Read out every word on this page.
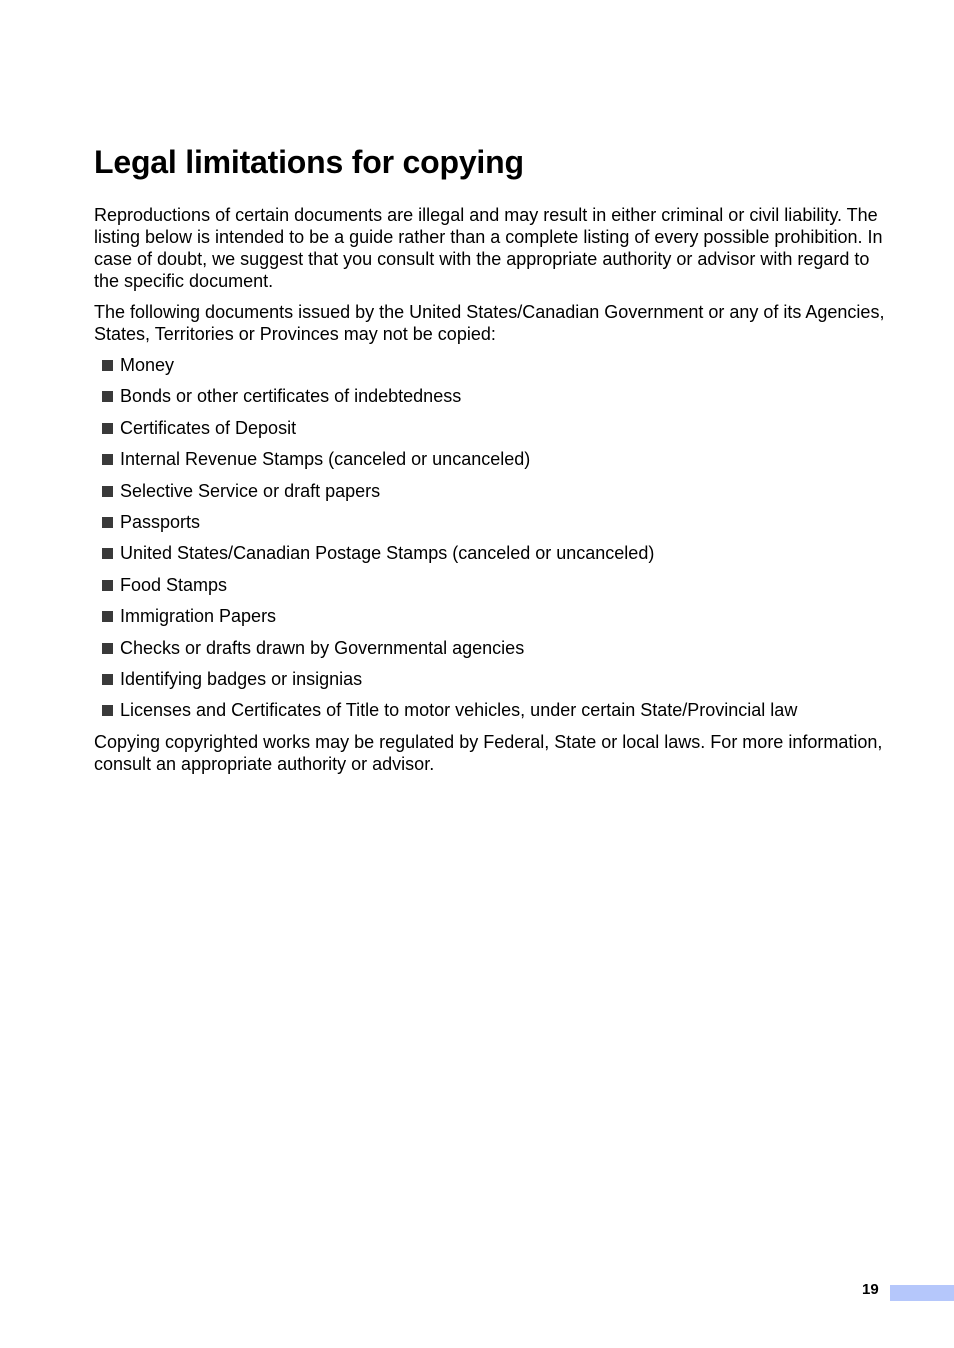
Legal limitations for copying

Reproductions of certain documents are illegal and may result in either criminal or civil liability. The listing below is intended to be a guide rather than a complete listing of every possible prohibition. In case of doubt, we suggest that you consult with the appropriate authority or advisor with regard to the specific document.

The following documents issued by the United States/Canadian Government or any of its Agencies, States, Territories or Provinces may not be copied:

Money
Bonds or other certificates of indebtedness
Certificates of Deposit
Internal Revenue Stamps (canceled or uncanceled)
Selective Service or draft papers
Passports
United States/Canadian Postage Stamps (canceled or uncanceled)
Food Stamps
Immigration Papers
Checks or drafts drawn by Governmental agencies
Identifying badges or insignias
Licenses and Certificates of Title to motor vehicles, under certain State/Provincial law

Copying copyrighted works may be regulated by Federal, State or local laws. For more information, consult an appropriate authority or advisor.

19
